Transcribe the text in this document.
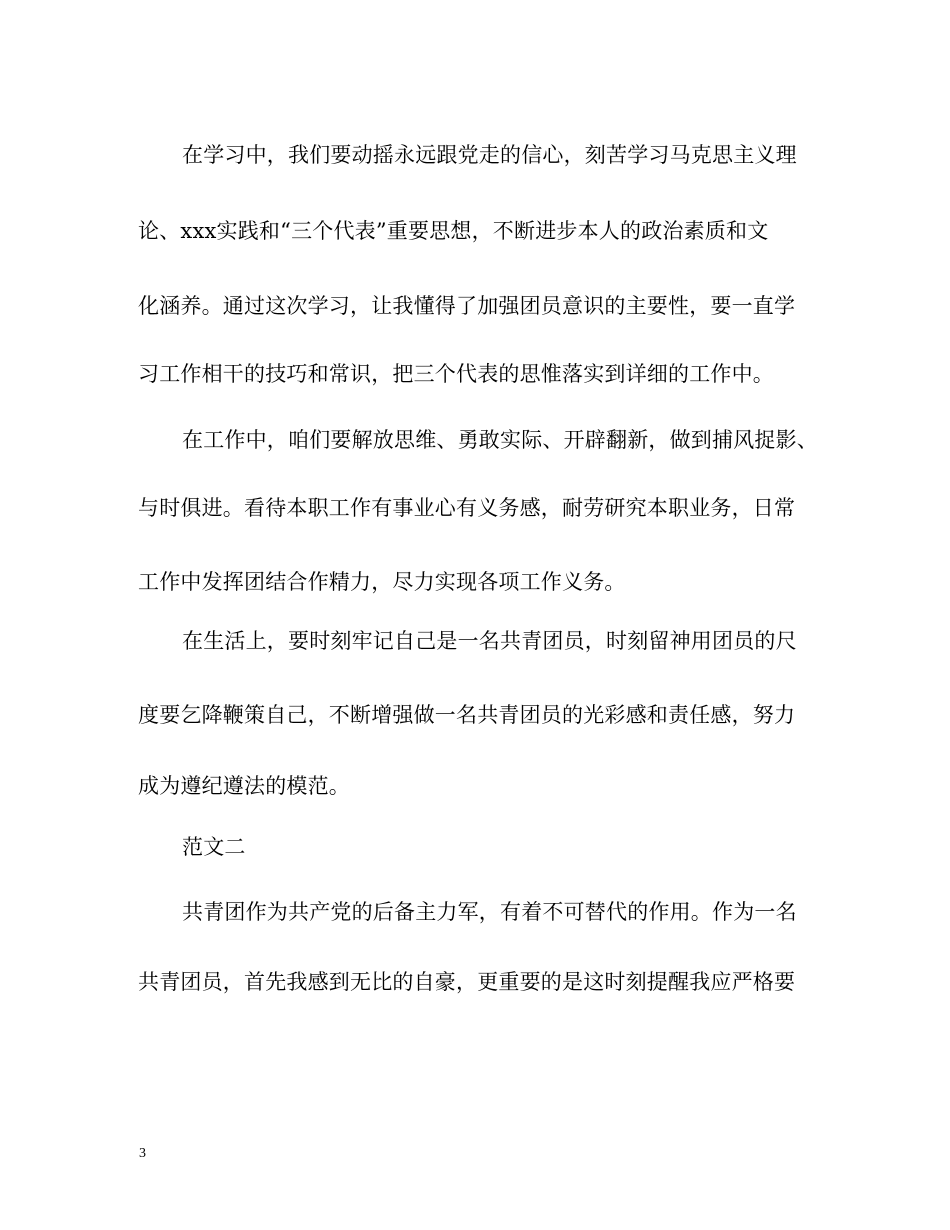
在学习中，我们要动摇永远跟党走的信心，刻苦学习马克思主义理
论、xxx实践和“三个代表”重要思想，不断进步本人的政治素质和文
化涵养。通过这次学习，让我懂得了加强团员意识的主要性，要一直学
习工作相干的技巧和常识，把三个代表的思惟落实到详细的工作中。
在工作中，咱们要解放思维、勇敢实际、开辟翻新，做到捕风捉影、
与时俱进。看待本职工作有事业心有义务感，耐劳研究本职业务，日常
工作中发挥团结合作精力，尽力实现各项工作义务。
在生活上，要时刻牢记自己是一名共青团员，时刻留神用团员的尺
度要乞降鞭策自己，不断增强做一名共青团员的光彩感和责任感，努力
成为遵纪遵法的模范。
范文二
共青团作为共产党的后备主力军，有着不可替代的作用。作为一名
共青团员，首先我感到无比的自豪，更重要的是这时刻提醒我应严格要
3
